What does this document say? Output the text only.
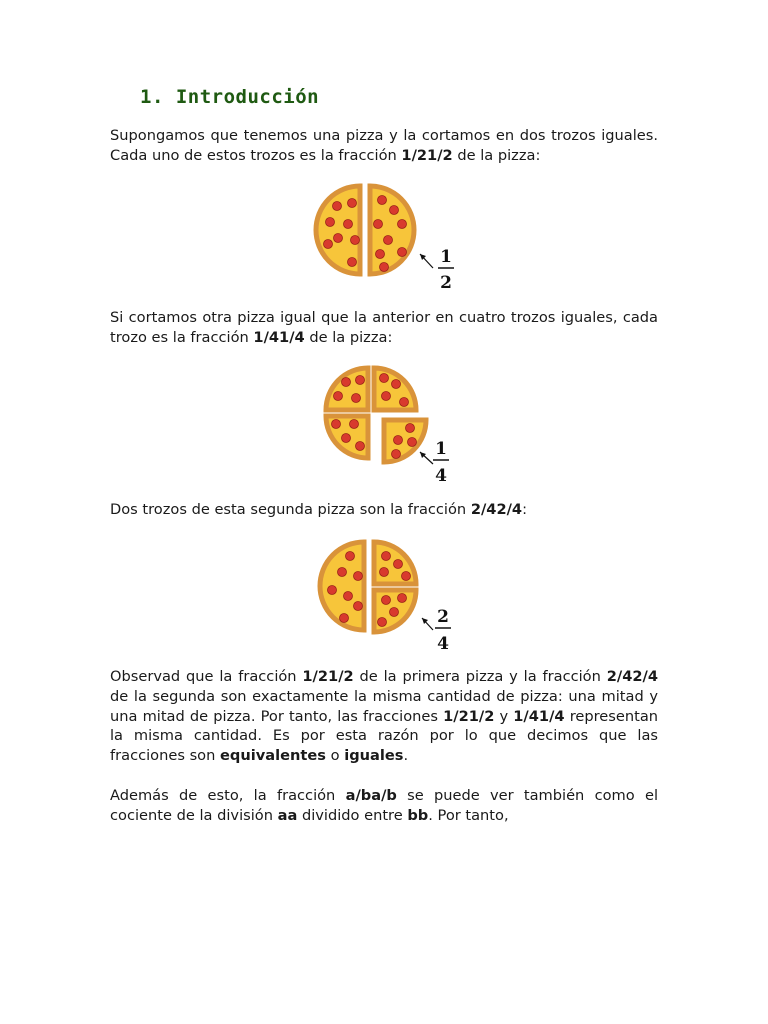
1. Introducción

Supongamos que tenemos una pizza y la cortamos en dos trozos iguales. Cada uno de estos trozos es la fracción 1/21/2 de la pizza:

1
2

Si cortamos otra pizza igual que la anterior en cuatro trozos iguales, cada trozo es la fracción 1/41/4 de la pizza:

1
4

Dos trozos de esta segunda pizza son la fracción 2/42/4:

2
4

Observad que la fracción 1/21/2 de la primera pizza y la fracción 2/42/4 de la segunda son exactamente la misma cantidad de pizza: una mitad y una mitad de pizza. Por tanto, las fracciones 1/21/2 y 1/41/4 representan la misma cantidad. Es por esta razón por lo que decimos que las fracciones son equivalentes o iguales.

Además de esto, la fracción a/ba/b se puede ver también como el cociente de la división aa dividido entre bb. Por tanto,
